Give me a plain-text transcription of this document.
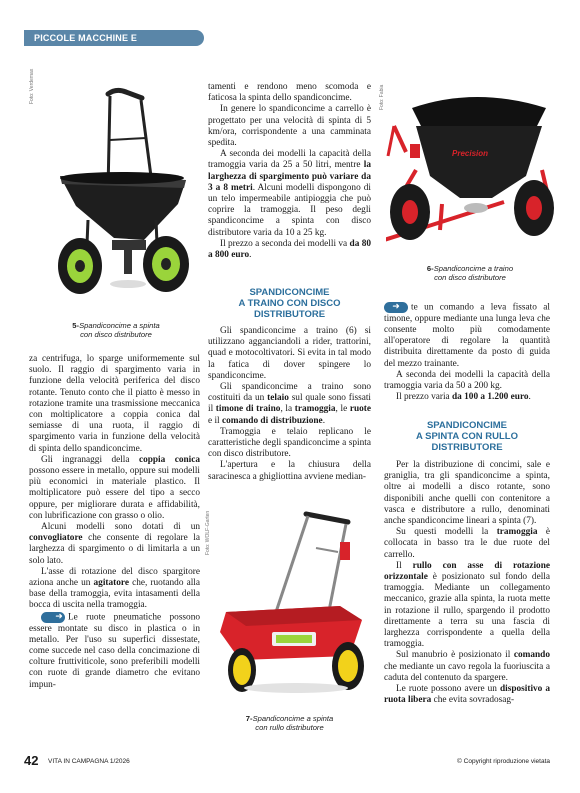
PICCOLE MACCHINE E ATTREZZATURE
Foto: Verdemax
5-Spandiconcime a spinta
con disco distributore

za centrifuga, lo sparge uniformemente sul suolo. Il raggio di spargimento varia in funzione della velocità periferica del disco rotante. Tenuto conto che il piatto è messo in rotazione tramite una trasmissione meccanica con moltiplicatore a coppia conica dal semiasse di una ruota, il raggio di spargimento varia in funzione della velocità di spinta dello spandiconcime.

Gli ingranaggi della coppia conica possono essere in metallo, oppure sui modelli più economici in materiale plastico. Il moltiplicatore può essere del tipo a secco oppure, per migliorare durata e affidabilità, con lubrificazione con grasso o olio.

Alcuni modelli sono dotati di un convogliatore che consente di regolare la larghezza di spargimento o di limitarla a un solo lato.

L'asse di rotazione del disco spargitore aziona anche un agitatore che, ruotando alla base della tramoggia, evita intasamenti della bocca di uscita nella tramoggia.

➜ Le ruote pneumatiche possono essere montate su disco in plastica o in metallo. Per l'uso su superfici dissestate, come succede nel caso della concimazione di colture fruttiviticole, sono preferibili modelli con ruote di grande diametro che evitano impun-

tamenti e rendono meno scomoda e faticosa la spinta dello spandiconcime.

In genere lo spandiconcime a carrello è progettato per una velocità di spinta di 5 km/ora, corrispondente a una camminata spedita.

A seconda dei modelli la capacità della tramoggia varia da 25 a 50 litri, mentre la larghezza di spargimento può variare da 3 a 8 metri. Alcuni modelli dispongono di un telo impermeabile antipioggia che può coprire la tramoggia. Il peso degli spandiconcime a spinta con disco distributore varia da 10 a 25 kg.

Il prezzo a seconda dei modelli va da 80 a 800 euro.

SPANDICONCIME
A TRAINO CON DISCO
DISTRIBUTORE

Gli spandiconcime a traino (6) si utilizzano agganciandoli a rider, trattorini, quad e motocoltivatori. Si evita in tal modo la fatica di dover spingere lo spandiconcime.

Gli spandiconcime a traino sono costituiti da un telaio sul quale sono fissati il timone di traino, la tramoggia, le ruote e il comando di distribuzione.

Tramoggia e telaio replicano le caratteristiche degli spandiconcime a spinta con disco distributore.

L'apertura e la chiusura della saracinesca a ghigliottina avviene median-

Foto: WOLF-Garten
7-Spandiconcime a spinta
con rullo distributore
Foto: Fabia
Precision
6-Spandiconcime a traino
con disco distributore

➜ te un comando a leva fissato al timone, oppure mediante una lunga leva che consente molto più comodamente all'operatore di regolare la quantità distribuita direttamente da posto di guida del mezzo trainante.

A seconda dei modelli la capacità della tramoggia varia da 50 a 200 kg.

Il prezzo varia da 100 a 1.200 euro.

SPANDICONCIME
A SPINTA CON RULLO
DISTRIBUTORE

Per la distribuzione di concimi, sale e graniglia, tra gli spandiconcime a spinta, oltre ai modelli a disco rotante, sono disponibili anche quelli con contenitore a vasca e distributore a rullo, denominati anche spandiconcime lineari a spinta (7).

Su questi modelli la tramoggia è collocata in basso tra le due ruote del carrello.

Il rullo con asse di rotazione orizzontale è posizionato sul fondo della tramoggia. Mediante un collegamento meccanico, grazie alla spinta, la ruota mette in rotazione il rullo, spargendo il prodotto direttamente a terra su una fascia di larghezza corrispondente a quella della tramoggia.

Sul manubrio è posizionato il comando che mediante un cavo regola la fuoriuscita a caduta del contenuto da spargere.

Le ruote possono avere un dispositivo a ruota libera che evita sovradosag-

42 VITA IN CAMPAGNA 1/2026	© Copyright riproduzione vietata
